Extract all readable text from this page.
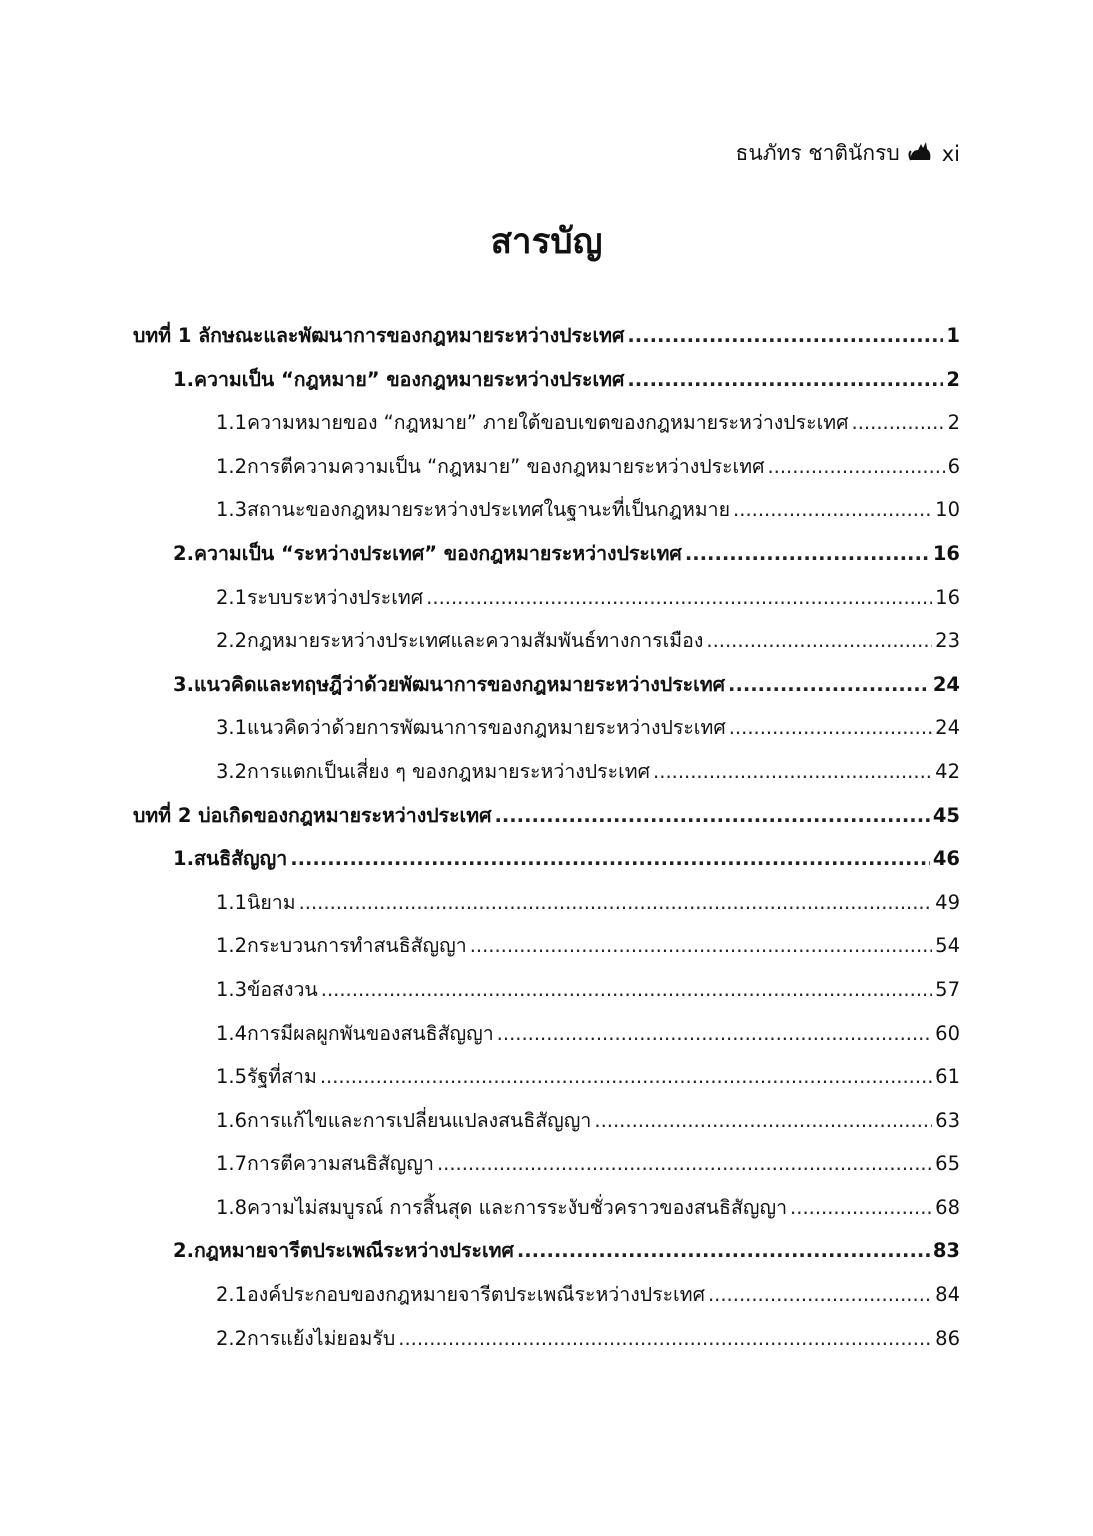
ธนภัทร ชาตินักรบ xi
สารบัญ
บทที่ 1 ลักษณะและพัฒนาการของกฎหมายระหว่างประเทศ .....	1
1. ความเป็น “กฎหมาย” ของกฎหมายระหว่างประเทศ .....	2
1.1 ความหมายของ “กฎหมาย” ภายใต้ขอบเขตของกฎหมายระหว่างประเทศ .....	2
1.2 การตีความความเป็น “กฎหมาย” ของกฎหมายระหว่างประเทศ .....	6
1.3 สถานะของกฎหมายระหว่างประเทศในฐานะที่เป็นกฎหมาย .....	10
2. ความเป็น “ระหว่างประเทศ” ของกฎหมายระหว่างประเทศ .....	16
2.1 ระบบระหว่างประเทศ .....	16
2.2 กฎหมายระหว่างประเทศและความสัมพันธ์ทางการเมือง .....	23
3. แนวคิดและทฤษฎีว่าด้วยพัฒนาการของกฎหมายระหว่างประเทศ .....	24
3.1 แนวคิดว่าด้วยการพัฒนาการของกฎหมายระหว่างประเทศ .....	24
3.2 การแตกเป็นเสี่ยง ๆ ของกฎหมายระหว่างประเทศ .....	42
บทที่ 2 บ่อเกิดของกฎหมายระหว่างประเทศ .....	45
1. สนธิสัญญา .....	46
1.1 นิยาม .....	49
1.2 กระบวนการทำสนธิสัญญา .....	54
1.3 ข้อสงวน .....	57
1.4 การมีผลผูกพันของสนธิสัญญา .....	60
1.5 รัฐที่สาม .....	61
1.6 การแก้ไขและการเปลี่ยนแปลงสนธิสัญญา .....	63
1.7 การตีความสนธิสัญญา .....	65
1.8 ความไม่สมบูรณ์ การสิ้นสุด และการระงับชั่วคราวของสนธิสัญญา .....	68
2. กฎหมายจารีตประเพณีระหว่างประเทศ .....	83
2.1 องค์ประกอบของกฎหมายจารีตประเพณีระหว่างประเทศ .....	84
2.2 การแย้งไม่ยอมรับ .....	86
